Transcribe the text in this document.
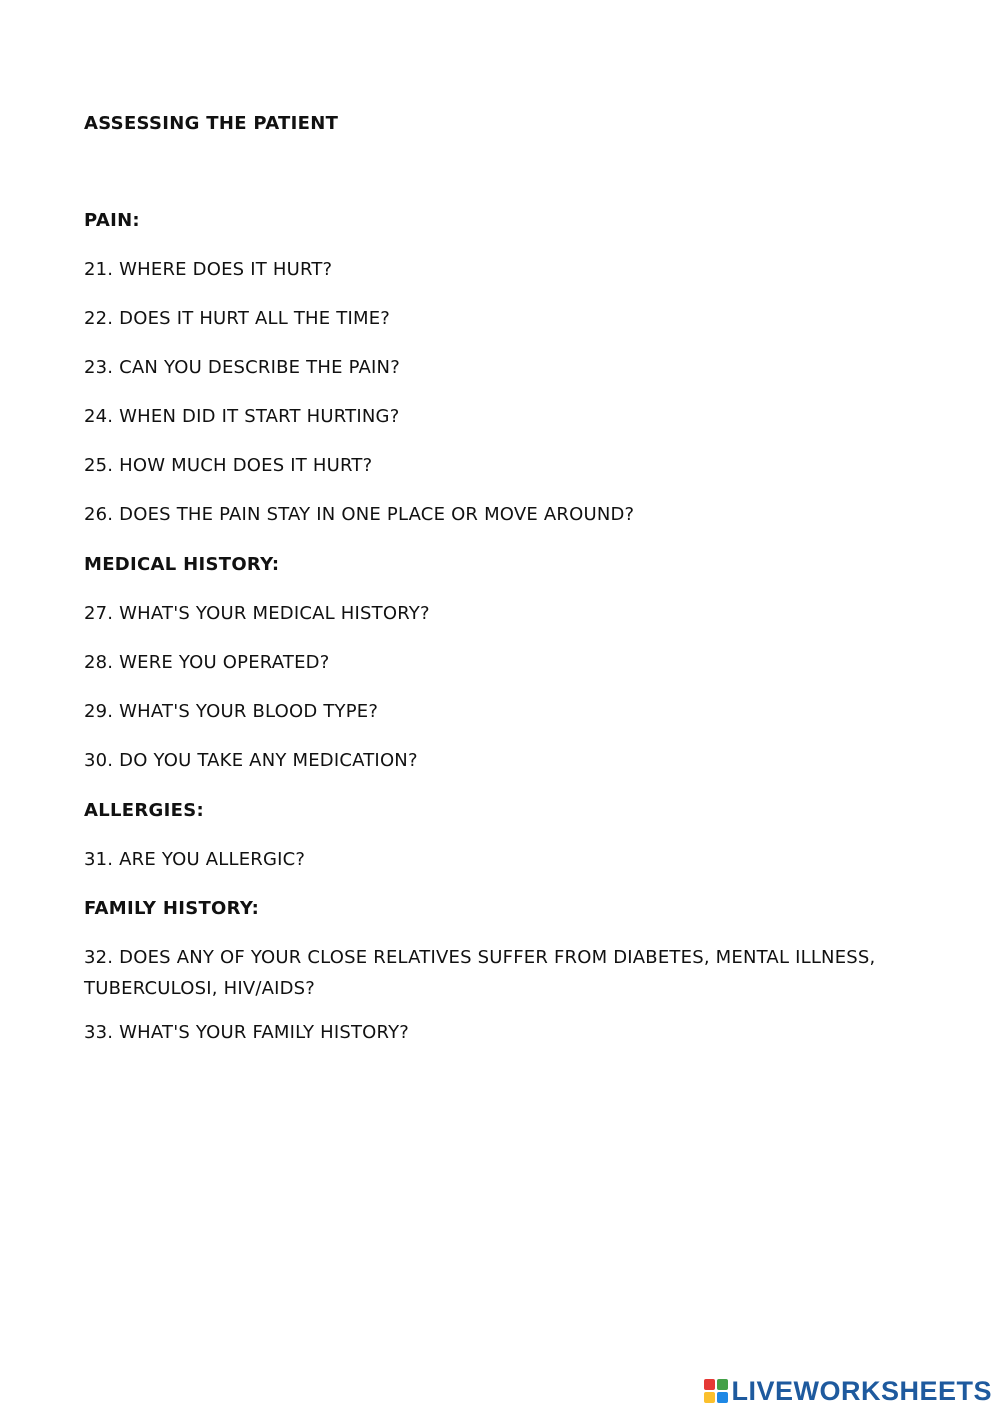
ASSESSING THE PATIENT
PAIN:
21. WHERE DOES IT HURT?
22. DOES IT HURT ALL THE TIME?
23. CAN YOU DESCRIBE THE PAIN?
24. WHEN DID IT START HURTING?
25. HOW MUCH DOES IT HURT?
26. DOES THE PAIN STAY IN ONE PLACE OR MOVE AROUND?
MEDICAL HISTORY:
27. WHAT'S YOUR MEDICAL HISTORY?
28. WERE YOU OPERATED?
29. WHAT'S YOUR BLOOD TYPE?
30. DO YOU TAKE ANY MEDICATION?
ALLERGIES:
31. ARE YOU ALLERGIC?
FAMILY HISTORY:
32. DOES ANY OF YOUR CLOSE RELATIVES SUFFER FROM DIABETES, MENTAL ILLNESS, TUBERCULOSI, HIV/AIDS?
33. WHAT'S YOUR FAMILY HISTORY?
LIVEWORKSHEETS
